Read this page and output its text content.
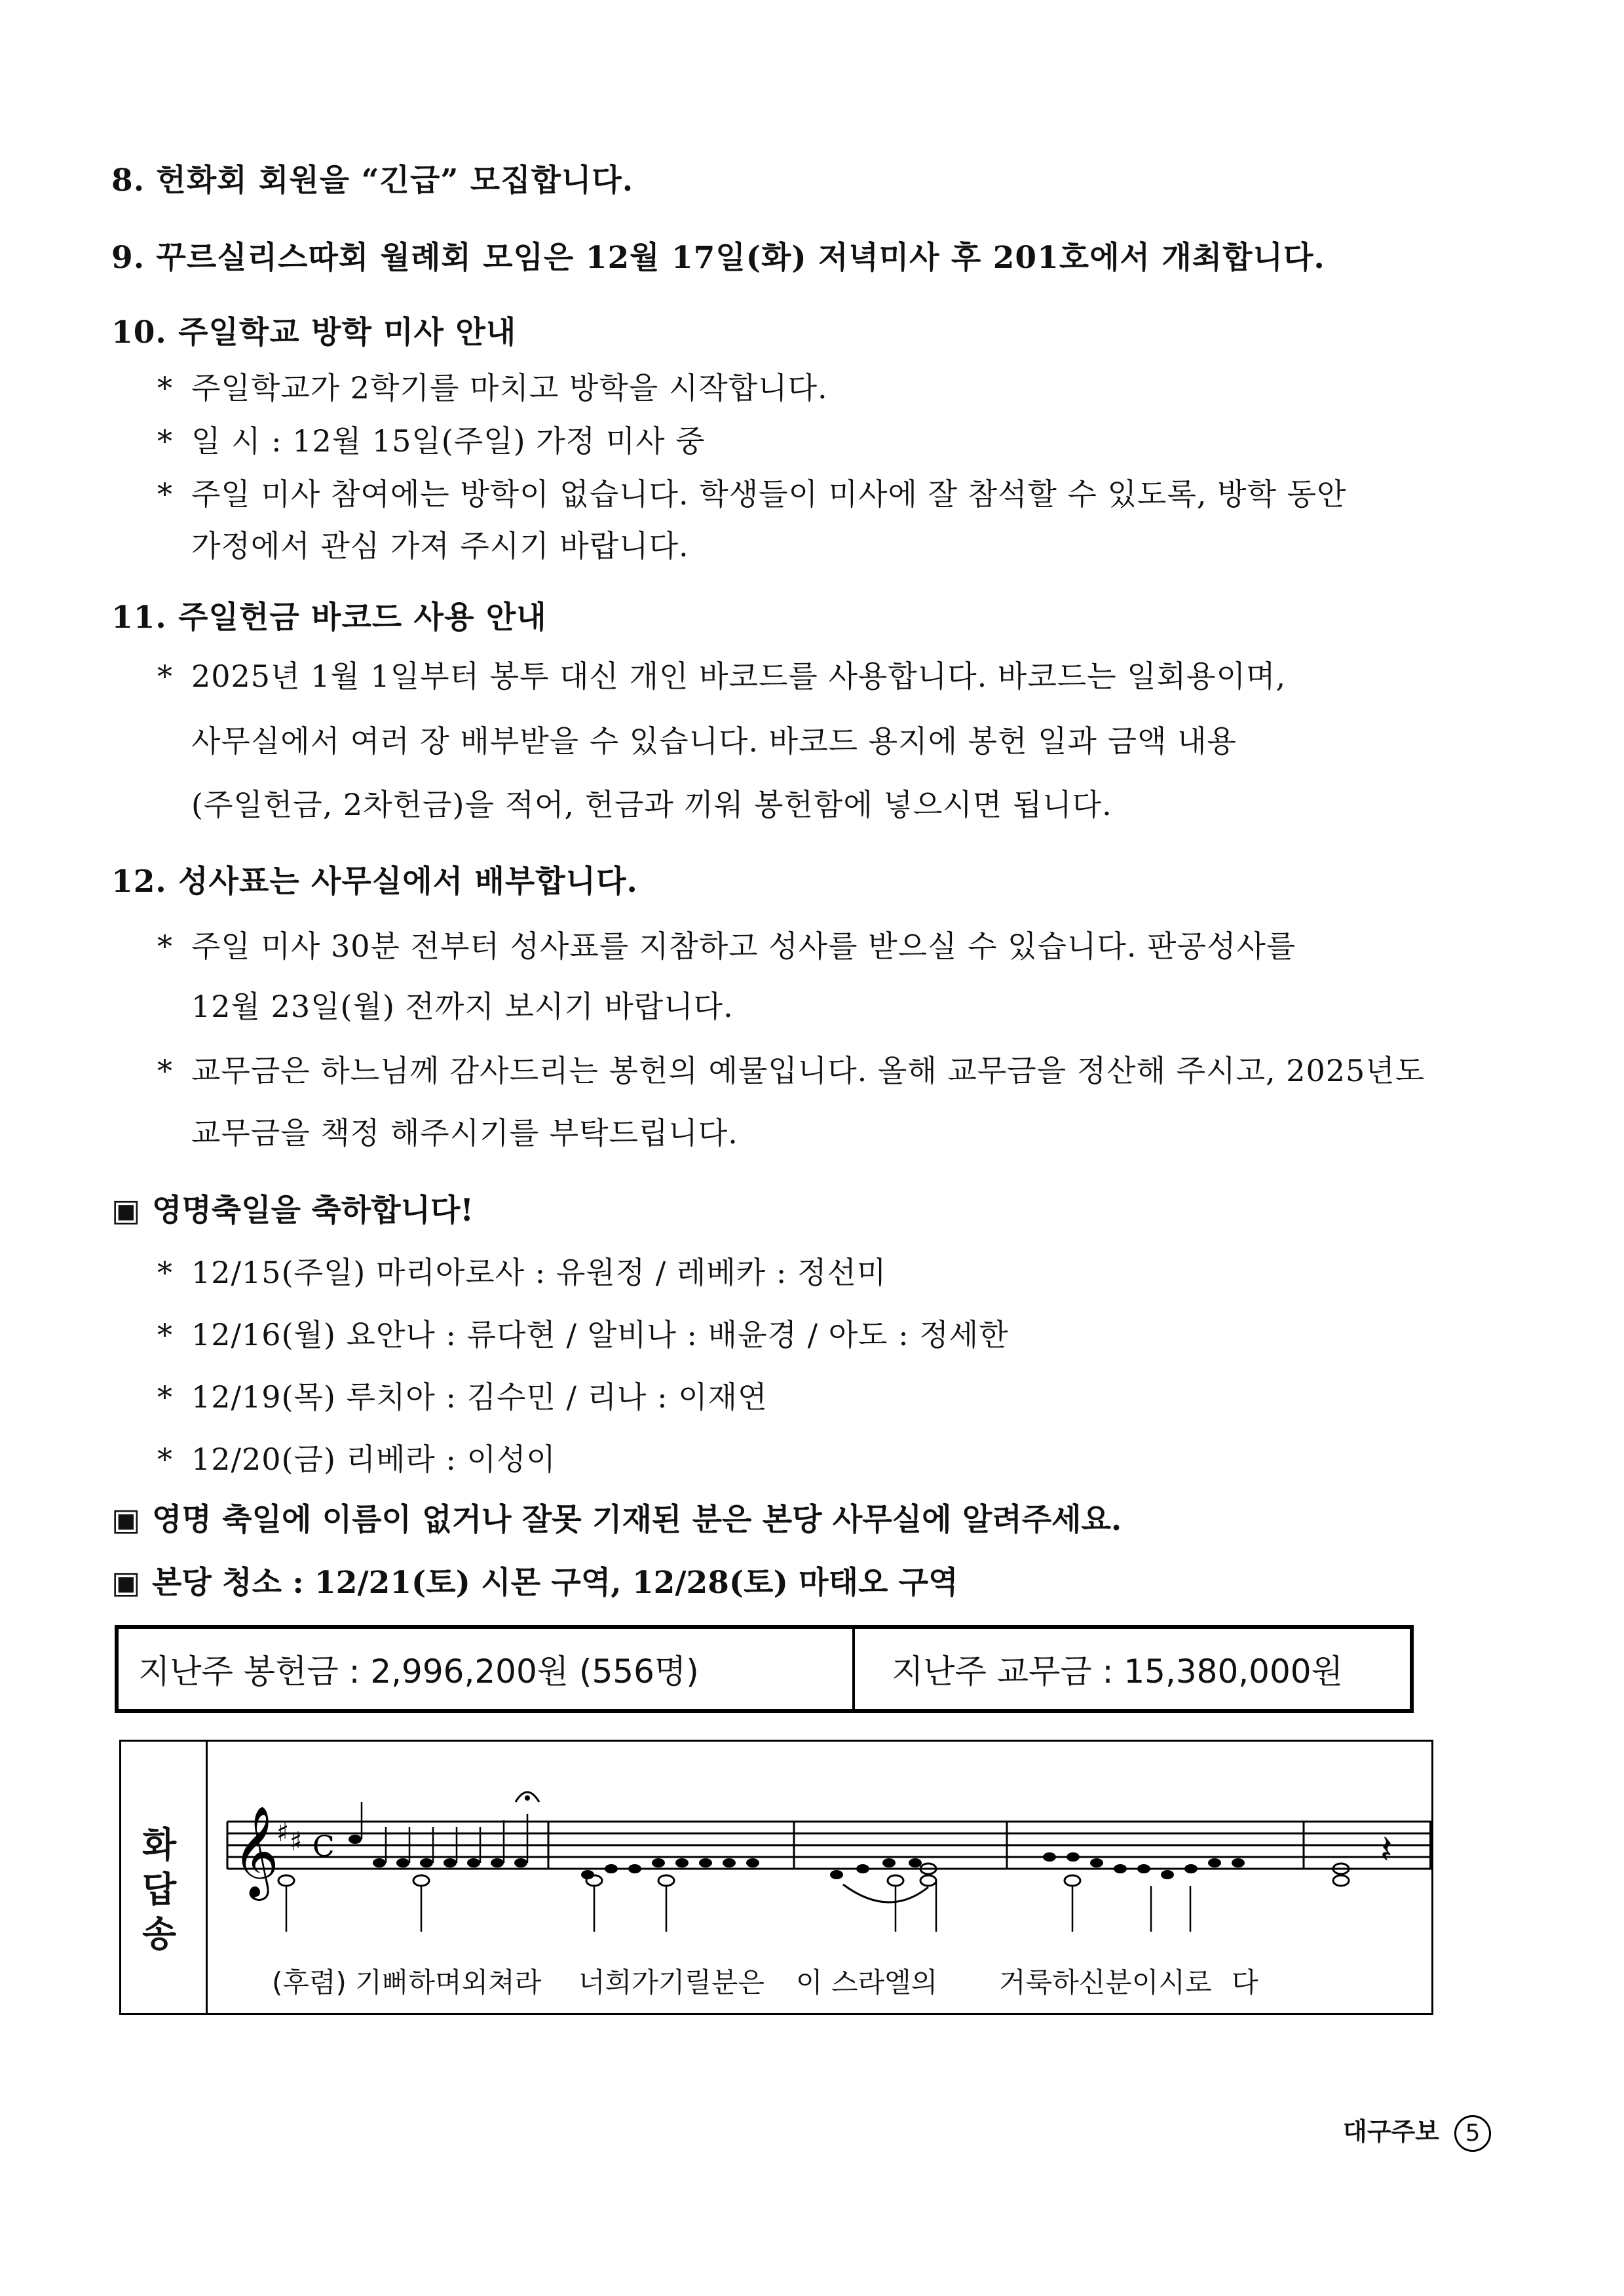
8. 헌화회 회원을 “긴급” 모집합니다.
9. 꾸르실리스따회 월례회 모임은 12월 17일(화) 저녁미사 후 201호에서 개최합니다.
10. 주일학교 방학 미사 안내
* 주일학교가 2학기를 마치고 방학을 시작합니다.
* 일 시 : 12월 15일(주일) 가정 미사 중
* 주일 미사 참여에는 방학이 없습니다. 학생들이 미사에 잘 참석할 수 있도록, 방학 동안
가정에서 관심 가져 주시기 바랍니다.
11. 주일헌금 바코드 사용 안내
* 2025년 1월 1일부터 봉투 대신 개인 바코드를 사용합니다. 바코드는 일회용이며,
사무실에서 여러 장 배부받을 수 있습니다. 바코드 용지에 봉헌 일과 금액 내용
(주일헌금, 2차헌금)을 적어, 헌금과 끼워 봉헌함에 넣으시면 됩니다.
12. 성사표는 사무실에서 배부합니다.
* 주일 미사 30분 전부터 성사표를 지참하고 성사를 받으실 수 있습니다. 판공성사를
12월 23일(월) 전까지 보시기 바랍니다.
* 교무금은 하느님께 감사드리는 봉헌의 예물입니다. 올해 교무금을 정산해 주시고, 2025년도
교무금을 책정 해주시기를 부탁드립니다.
▣ 영명축일을 축하합니다!
* 12/15(주일) 마리아로사 : 유원정 / 레베카 : 정선미
* 12/16(월) 요안나 : 류다현 / 알비나 : 배윤경 / 아도 : 정세한
* 12/19(목) 루치아 : 김수민 / 리나 : 이재연
* 12/20(금) 리베라 : 이성이
▣ 영명 축일에 이름이 없거나 잘못 기재된 분은 본당 사무실에 알려주세요.
▣ 본당 청소 : 12/21(토) 시몬 구역, 12/28(토) 마태오 구역
지난주 봉헌금 : 2,996,200원 (556명)	지난주 교무금 : 15,380,000원
화
답
송
𝄞
♯ ♯ C	𝄽
(후렴) 기뻐하며외쳐라 너희가기릴분은 이 스라엘의 거룩하신분이시로 다
대구주보 5
